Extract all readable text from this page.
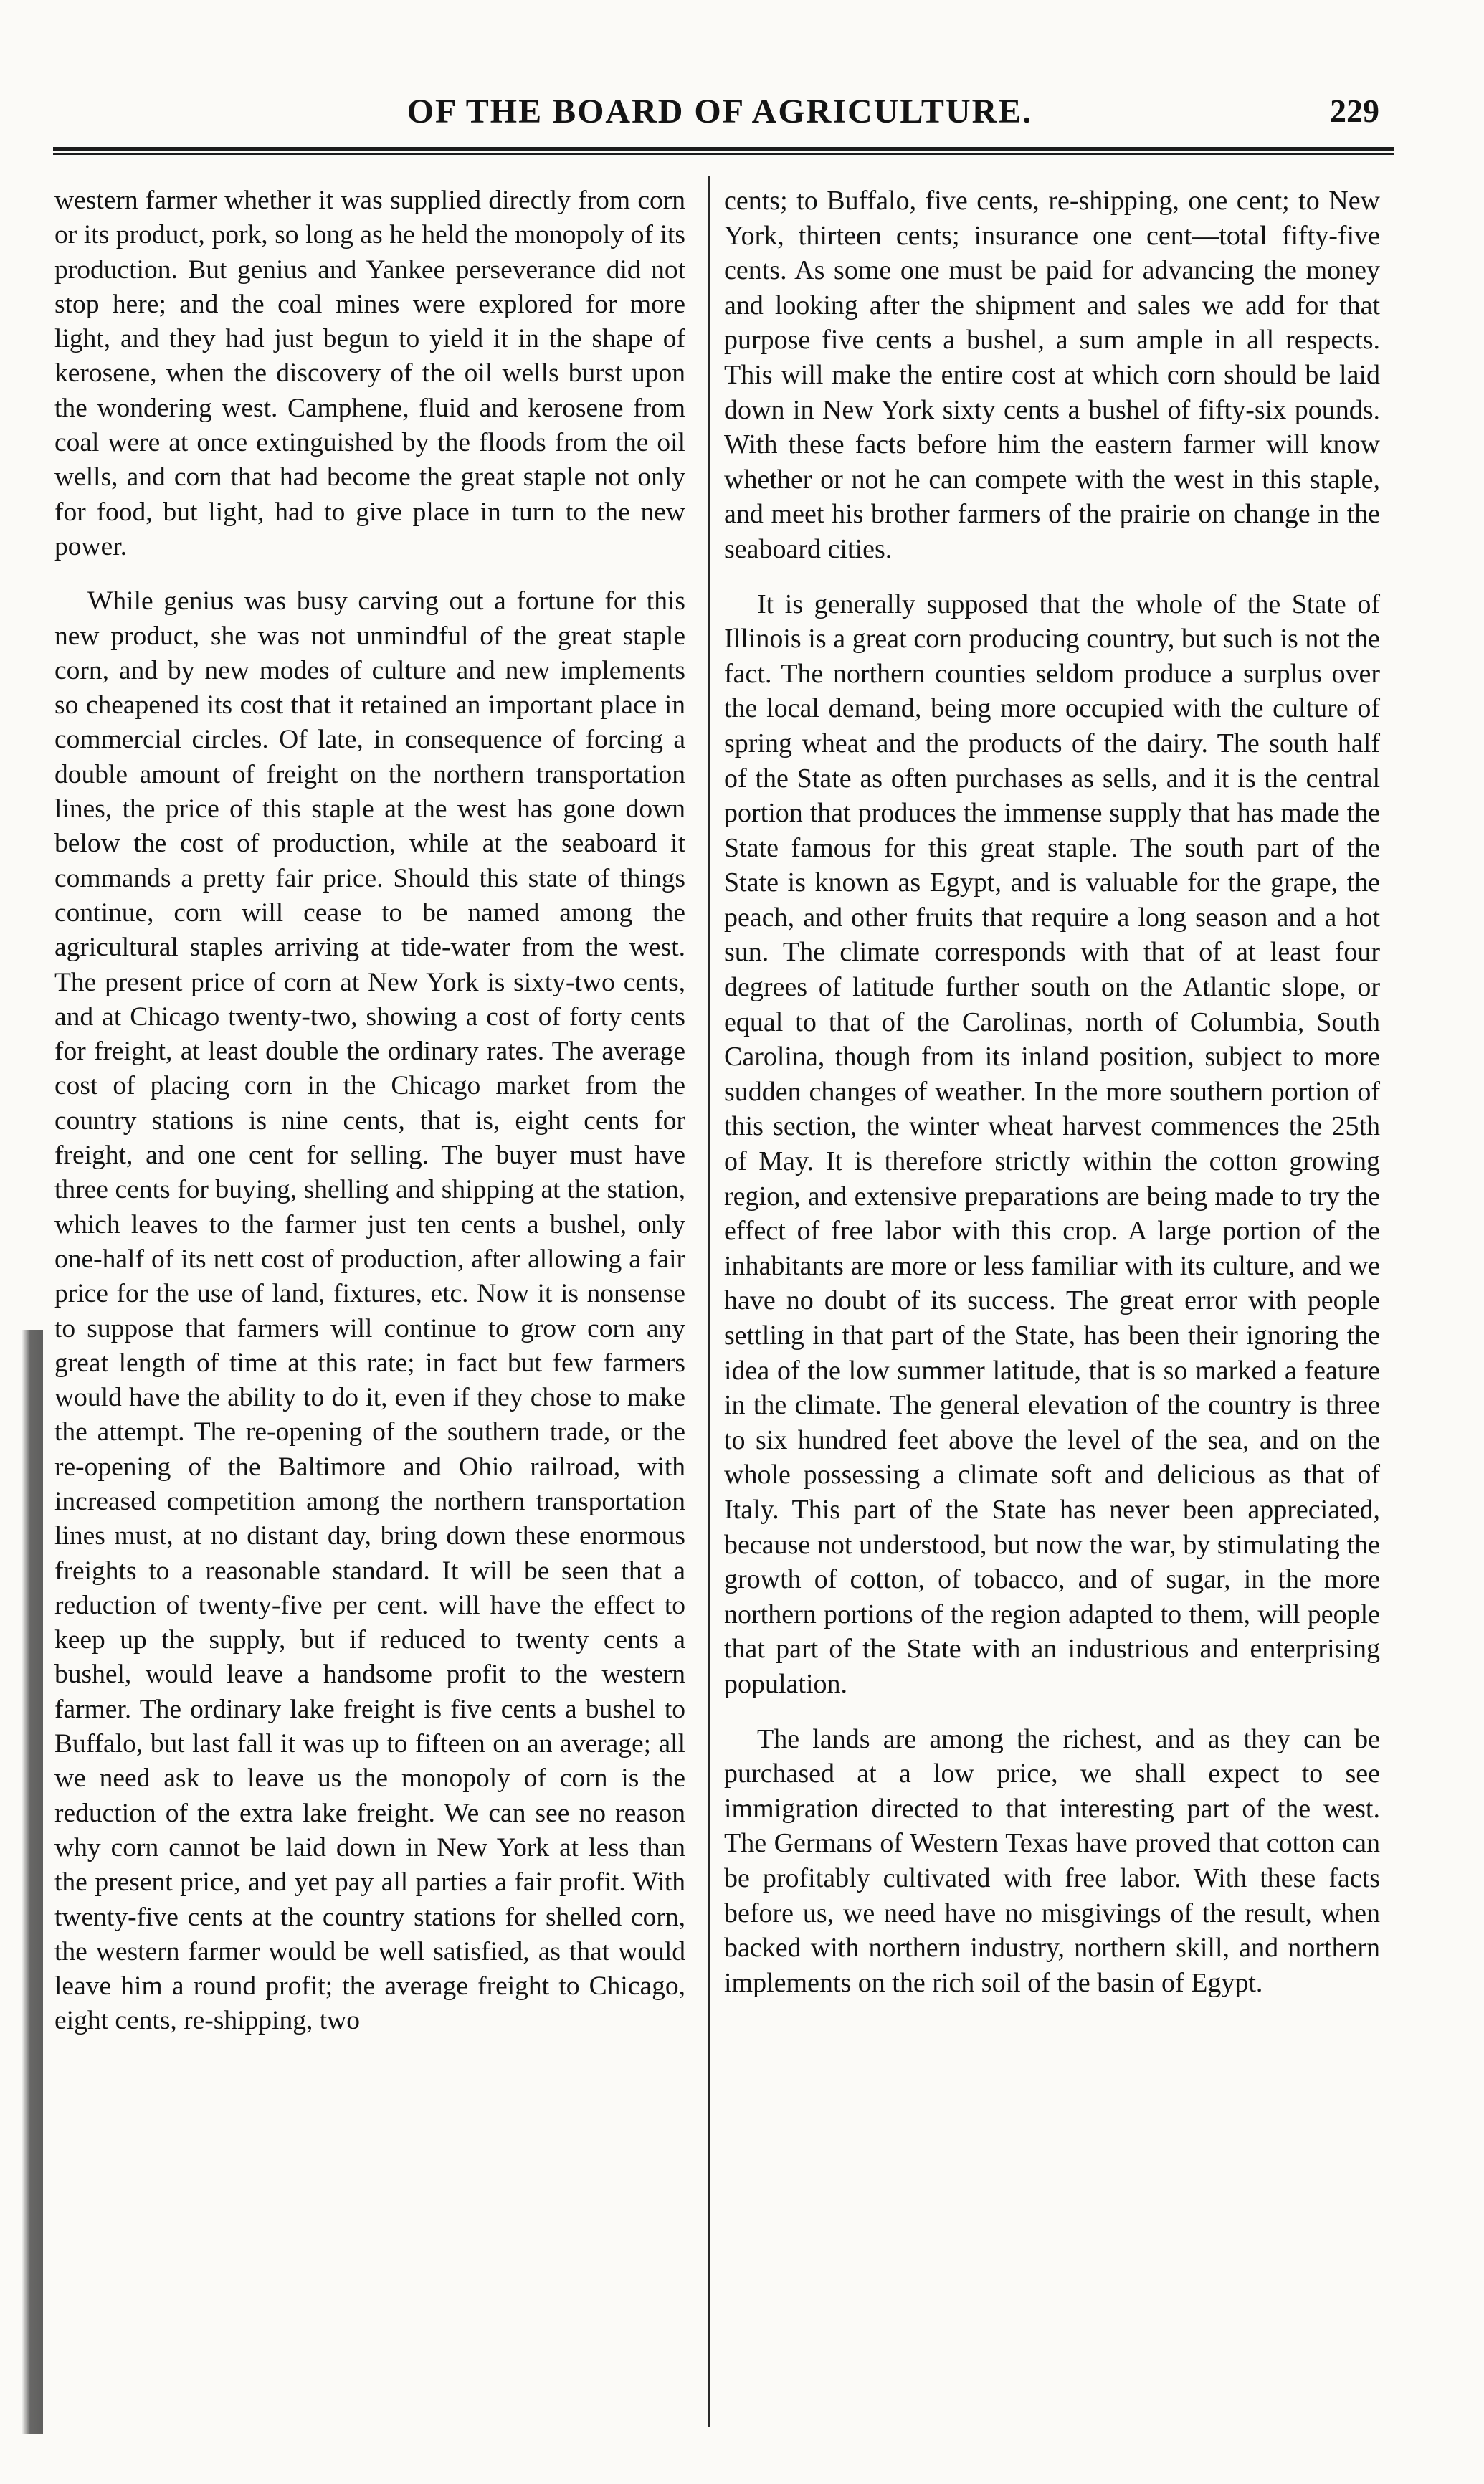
OF THE BOARD OF AGRICULTURE.	229

western farmer whether it was supplied directly from corn or its product, pork, so long as he held the monopoly of its production. But genius and Yankee perseverance did not stop here; and the coal mines were explored for more light, and they had just begun to yield it in the shape of kerosene, when the discovery of the oil wells burst upon the wondering west. Camphene, fluid and kerosene from coal were at once extinguished by the floods from the oil wells, and corn that had become the great staple not only for food, but light, had to give place in turn to the new power.

While genius was busy carving out a fortune for this new product, she was not unmindful of the great staple corn, and by new modes of culture and new implements so cheapened its cost that it retained an important place in commercial circles. Of late, in consequence of forcing a double amount of freight on the northern transportation lines, the price of this staple at the west has gone down below the cost of production, while at the seaboard it commands a pretty fair price. Should this state of things continue, corn will cease to be named among the agricultural staples arriving at tide-water from the west. The present price of corn at New York is sixty-two cents, and at Chicago twenty-two, showing a cost of forty cents for freight, at least double the ordinary rates. The average cost of placing corn in the Chicago market from the country stations is nine cents, that is, eight cents for freight, and one cent for selling. The buyer must have three cents for buying, shelling and shipping at the station, which leaves to the farmer just ten cents a bushel, only one-half of its nett cost of production, after allowing a fair price for the use of land, fixtures, etc. Now it is nonsense to suppose that farmers will continue to grow corn any great length of time at this rate; in fact but few farmers would have the ability to do it, even if they chose to make the attempt. The re-opening of the southern trade, or the re-opening of the Baltimore and Ohio railroad, with increased competition among the northern transportation lines must, at no distant day, bring down these enormous freights to a reasonable standard. It will be seen that a reduction of twenty-five per cent. will have the effect to keep up the supply, but if reduced to twenty cents a bushel, would leave a handsome profit to the western farmer. The ordinary lake freight is five cents a bushel to Buffalo, but last fall it was up to fifteen on an average; all we need ask to leave us the monopoly of corn is the reduction of the extra lake freight. We can see no reason why corn cannot be laid down in New York at less than the present price, and yet pay all parties a fair profit. With twenty-five cents at the country stations for shelled corn, the western farmer would be well satisfied, as that would leave him a round profit; the average freight to Chicago, eight cents, re-shipping, two

cents; to Buffalo, five cents, re-shipping, one cent; to New York, thirteen cents; insurance one cent—total fifty-five cents. As some one must be paid for advancing the money and looking after the shipment and sales we add for that purpose five cents a bushel, a sum ample in all respects. This will make the entire cost at which corn should be laid down in New York sixty cents a bushel of fifty-six pounds. With these facts before him the eastern farmer will know whether or not he can compete with the west in this staple, and meet his brother farmers of the prairie on change in the seaboard cities.

It is generally supposed that the whole of the State of Illinois is a great corn producing country, but such is not the fact. The northern counties seldom produce a surplus over the local demand, being more occupied with the culture of spring wheat and the products of the dairy. The south half of the State as often purchases as sells, and it is the central portion that produces the immense supply that has made the State famous for this great staple. The south part of the State is known as Egypt, and is valuable for the grape, the peach, and other fruits that require a long season and a hot sun. The climate corresponds with that of at least four degrees of latitude further south on the Atlantic slope, or equal to that of the Carolinas, north of Columbia, South Carolina, though from its inland position, subject to more sudden changes of weather. In the more southern portion of this section, the winter wheat harvest commences the 25th of May. It is therefore strictly within the cotton growing region, and extensive preparations are being made to try the effect of free labor with this crop. A large portion of the inhabitants are more or less familiar with its culture, and we have no doubt of its success. The great error with people settling in that part of the State, has been their ignoring the idea of the low summer latitude, that is so marked a feature in the climate. The general elevation of the country is three to six hundred feet above the level of the sea, and on the whole possessing a climate soft and delicious as that of Italy. This part of the State has never been appreciated, because not understood, but now the war, by stimulating the growth of cotton, of tobacco, and of sugar, in the more northern portions of the region adapted to them, will people that part of the State with an industrious and enterprising population.

The lands are among the richest, and as they can be purchased at a low price, we shall expect to see immigration directed to that interesting part of the west. The Germans of Western Texas have proved that cotton can be profitably cultivated with free labor. With these facts before us, we need have no misgivings of the result, when backed with northern industry, northern skill, and northern implements on the rich soil of the basin of Egypt.
